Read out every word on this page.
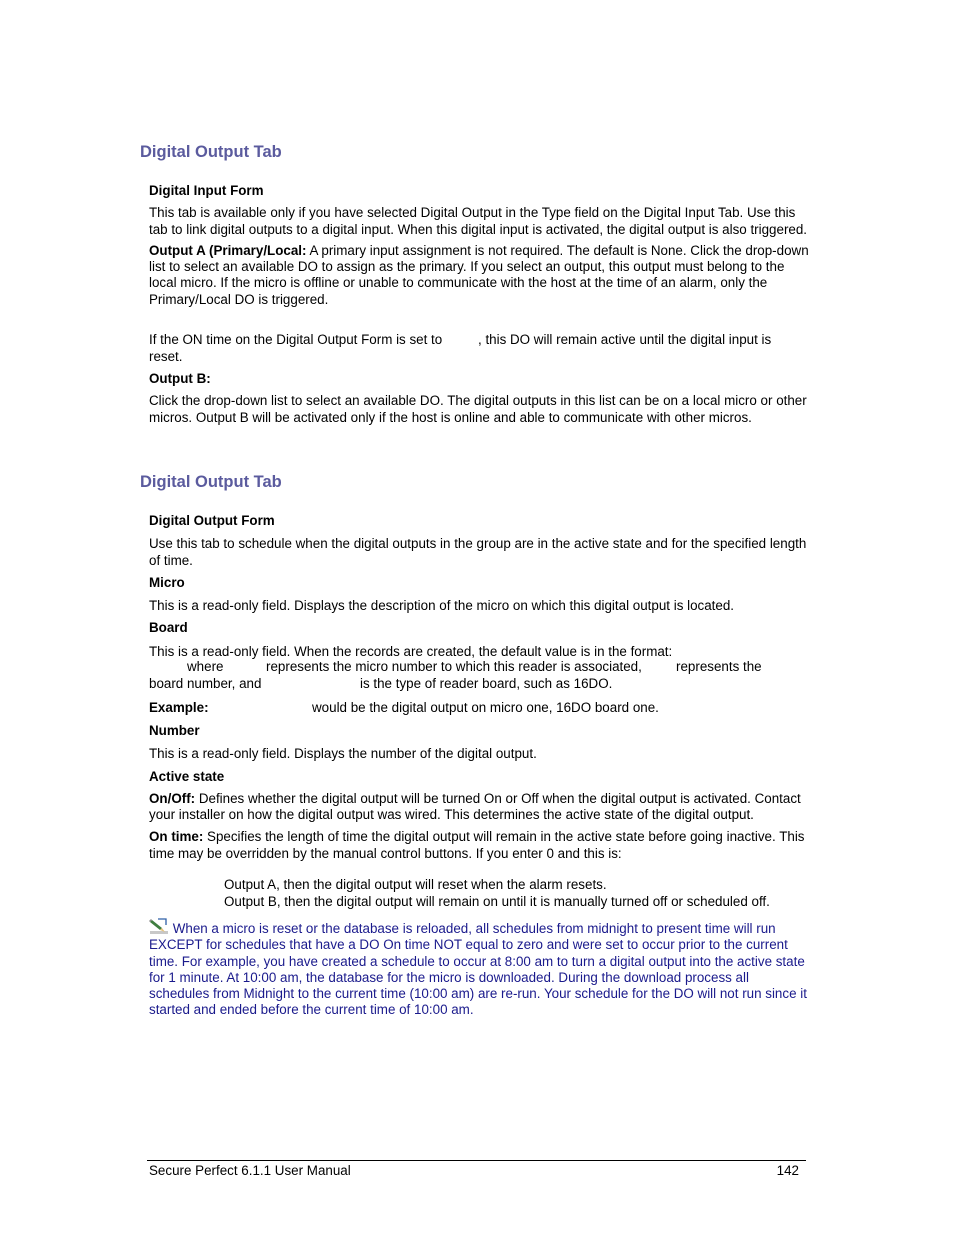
Digital Output Tab

Digital Input Form

This tab is available only if you have selected Digital Output in the Type field on the Digital Input Tab. Use this tab to link digital outputs to a digital input. When this digital input is activated, the digital output is also triggered.

Output A (Primary/Local: A primary input assignment is not required. The default is None. Click the drop-down list to select an available DO to assign as the primary. If you select an output, this output must belong to the local micro. If the micro is offline or unable to communicate with the host at the time of an alarm, only the Primary/Local DO is triggered.

If the ON time on the Digital Output Form is set to	, this DO will remain active until the digital input is
reset.

Output B:

Click the drop-down list to select an available DO. The digital outputs in this list can be on a local micro or other micros. Output B will be activated only if the host is online and able to communicate with other micros.

Digital Output Tab

Digital Output Form

Use this tab to schedule when the digital outputs in the group are in the active state and for the specified length of time.

Micro

This is a read-only field. Displays the description of the micro on which this digital output is located.

Board

This is a read-only field. When the records are created, the default value is in the format:

where	represents the micro number to which this reader is associated,	represents the
board number, and	is the type of reader board, such as 16DO.
Example:	would be the digital output on micro one, 16DO board one.

Number

This is a read-only field. Displays the number of the digital output.

Active state

On/Off: Defines whether the digital output will be turned On or Off when the digital output is activated. Contact your installer on how the digital output was wired. This determines the active state of the digital output.

On time: Specifies the length of time the digital output will remain in the active state before going inactive. This time may be overridden by the manual control buttons. If you enter 0 and this is:

Output A, then the digital output will reset when the alarm resets.
Output B, then the digital output will remain on until it is manually turned off or scheduled off.
When a micro is reset or the database is reloaded, all schedules from midnight to present time will run EXCEPT for schedules that have a DO On time NOT equal to zero and were set to occur prior to the current time. For example, you have created a schedule to occur at 8:00 am to turn a digital output into the active state for 1 minute. At 10:00 am, the database for the micro is downloaded. During the download process all schedules from Midnight to the current time (10:00 am) are re-run. Your schedule for the DO will not run since it started and ended before the current time of 10:00 am.
Secure Perfect 6.1.1 User Manual	142
